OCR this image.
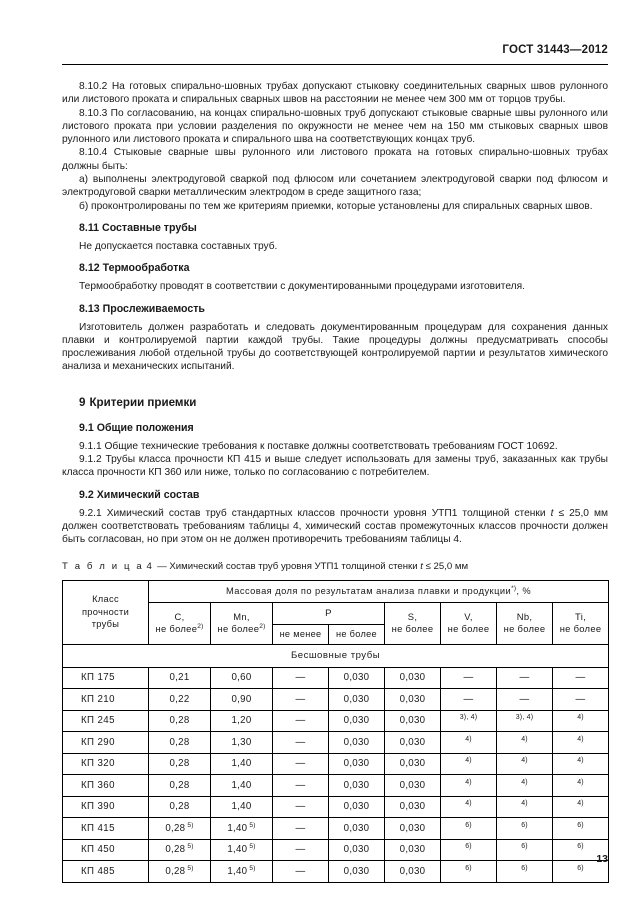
ГОСТ 31443—2012

8.10.2 На готовых спирально-шовных трубах допускают стыковку соединительных сварных швов рулонного или листового проката и спиральных сварных швов на расстоянии не менее чем 300 мм от торцов трубы.

8.10.3 По согласованию, на концах спирально-шовных труб допускают стыковые сварные швы рулонного или листового проката при условии разделения по окружности не менее чем на 150 мм стыковых сварных швов рулонного или листового проката и спирального шва на соответствующих концах труб.

8.10.4 Стыковые сварные швы рулонного или листового проката на готовых спирально-шовных трубах должны быть:

а) выполнены электродуговой сваркой под флюсом или сочетанием электродуговой сварки под флюсом и электродуговой сварки металлическим электродом в среде защитного газа;

б) проконтролированы по тем же критериям приемки, которые установлены для спиральных сварных швов.

8.11 Составные трубы

Не допускается поставка составных труб.

8.12 Термообработка

Термообработку проводят в соответствии с документированными процедурами изготовителя.

8.13 Прослеживаемость

Изготовитель должен разработать и следовать документированным процедурам для сохранения данных плавки и контролируемой партии каждой трубы. Такие процедуры должны предусматривать способы прослеживания любой отдельной трубы до соответствующей контролируемой партии и результатов химического анализа и механических испытаний.

9 Критерии приемки
9.1 Общие положения

9.1.1 Общие технические требования к поставке должны соответствовать требованиям ГОСТ 10692.

9.1.2 Трубы класса прочности КП 415 и выше следует использовать для замены труб, заказанных как трубы класса прочности КП 360 или ниже, только по согласованию с потребителем.

9.2 Химический состав

9.2.1 Химический состав труб стандартных классов прочности уровня УТП1 толщиной стенки t ≤ 25,0 мм должен соответствовать требованиям таблицы 4, химический состав промежуточных классов прочности должен быть согласован, но при этом он не должен противоречить требованиям таблицы 4.

Т а б л и ц а 4 — Химический состав труб уровня УТП1 толщиной стенки t ≤ 25,0 мм

Класс
прочности
трубы	Массовая доля по результатам анализа плавки и продукции*), %							
	С,
не более$^{2)}$	Mn,
не более$^{2)}$	P		S,
не более	V,
не более	Nb,
не более	Ti,
не более
			не менее	не более				
Бесшовные трубы								
КП 175	0,21	0,60	—	0,030	0,030	—	—	—
КП 210	0,22	0,90	—	0,030	0,030	—	—	—
КП 245	0,28	1,20	—	0,030	0,030	$^{3), 4)}$	$^{3), 4)}$	$^{4)}$
КП 290	0,28	1,30	—	0,030	0,030	$^{4)}$	$^{4)}$	$^{4)}$
КП 320	0,28	1,40	—	0,030	0,030	$^{4)}$	$^{4)}$	$^{4)}$
КП 360	0,28	1,40	—	0,030	0,030	$^{4)}$	$^{4)}$	$^{4)}$
КП 390	0,28	1,40	—	0,030	0,030	$^{4)}$	$^{4)}$	$^{4)}$
КП 415	0,28 $^{5)}$	1,40 $^{5)}$	—	0,030	0,030	$^{6)}$	$^{6)}$	$^{6)}$
КП 450	0,28 $^{5)}$	1,40 $^{5)}$	—	0,030	0,030	$^{6)}$	$^{6)}$	$^{6)}$
КП 485	0,28 $^{5)}$	1,40 $^{5)}$	—	0,030	0,030	$^{6)}$	$^{6)}$	$^{6)}$
13
